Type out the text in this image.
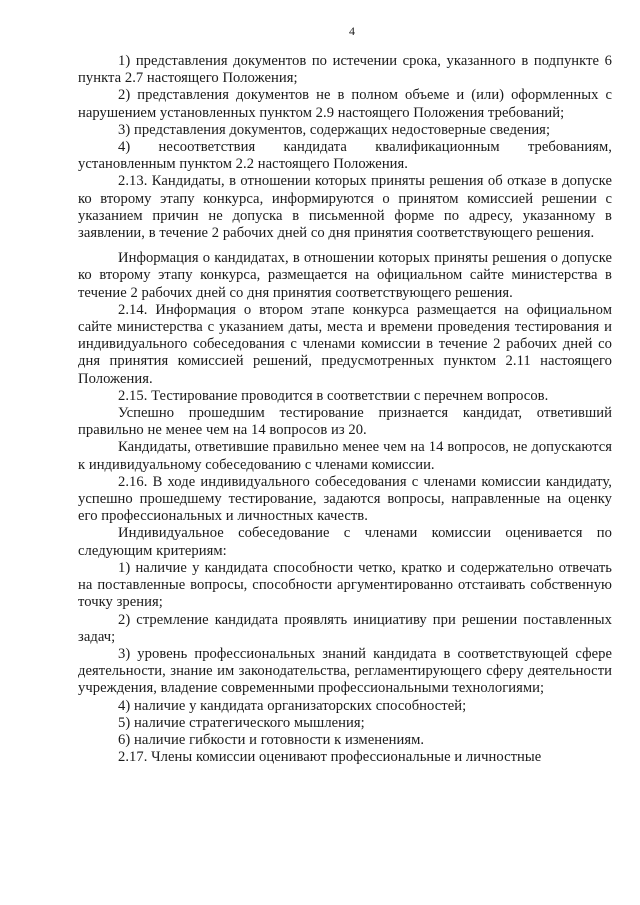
4

1) представления документов по истечении срока, указанного в подпункте 6 пункта 2.7 настоящего Положения;

2) представления документов не в полном объеме и (или) оформленных с нарушением установленных пунктом 2.9 настоящего Положения требований;

3) представления документов, содержащих недостоверные сведения;

4) несоответствия кандидата квалификационным требованиям, установленным пунктом 2.2 настоящего Положения.

2.13. Кандидаты, в отношении которых приняты решения об отказе в допуске ко второму этапу конкурса, информируются о принятом комиссией решении с указанием причин не допуска в письменной форме по адресу, указанному в заявлении, в течение 2 рабочих дней со дня принятия соответствующего решения.

Информация о кандидатах, в отношении которых приняты решения о допуске ко второму этапу конкурса, размещается на официальном сайте министерства в течение 2 рабочих дней со дня принятия соответствующего решения.

2.14. Информация о втором этапе конкурса размещается на официальном сайте министерства с указанием даты, места и времени проведения тестирования и индивидуального собеседования с членами комиссии в течение 2 рабочих дней со дня принятия комиссией решений, предусмотренных пунктом 2.11 настоящего Положения.

2.15. Тестирование проводится в соответствии с перечнем вопросов.

Успешно прошедшим тестирование признается кандидат, ответивший правильно не менее чем на 14 вопросов из 20.

Кандидаты, ответившие правильно менее чем на 14 вопросов, не допускаются к индивидуальному собеседованию с членами комиссии.

2.16. В ходе индивидуального собеседования с членами комиссии кандидату, успешно прошедшему тестирование, задаются вопросы, направленные на оценку его профессиональных и личностных качеств.

Индивидуальное собеседование с членами комиссии оценивается по следующим критериям:

1) наличие у кандидата способности четко, кратко и содержательно отвечать на поставленные вопросы, способности аргументированно отстаивать собственную точку зрения;

2) стремление кандидата проявлять инициативу при решении поставленных задач;

3) уровень профессиональных знаний кандидата в соответствующей сфере деятельности, знание им законодательства, регламентирующего сферу деятельности учреждения, владение современными профессиональными технологиями;

4) наличие у кандидата организаторских способностей;

5) наличие стратегического мышления;

6) наличие гибкости и готовности к изменениям.

2.17. Члены комиссии оценивают профессиональные и личностные
